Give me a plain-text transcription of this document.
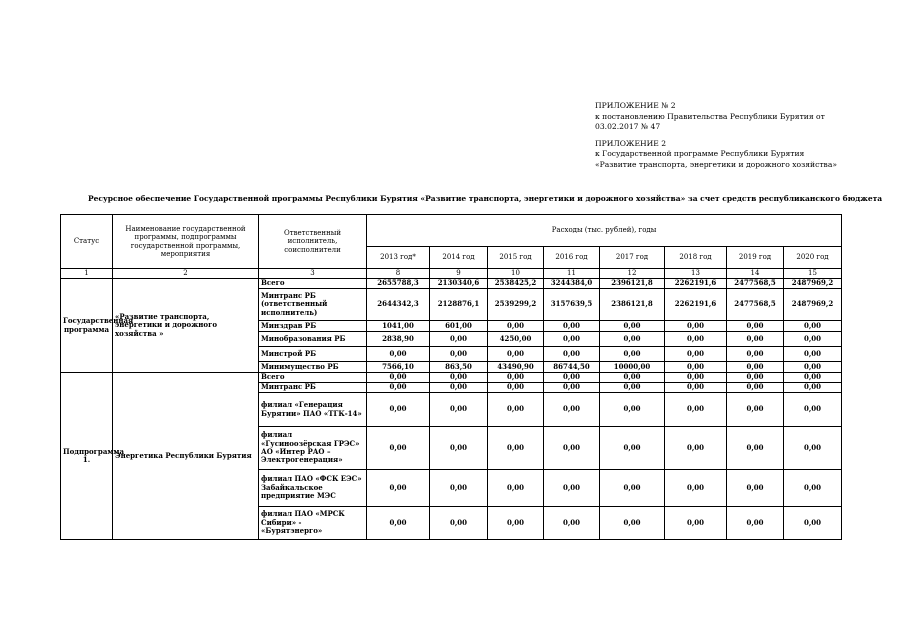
ПРИЛОЖЕНИЕ № 2

к постановлению Правительства Республики Бурятия от

03.02.2017 № 47

ПРИЛОЖЕНИЕ 2

к Государственной программе Республики Бурятия

«Развитие транспорта, энергетики и дорожного хозяйства»

Ресурсное обеспечение Государственной программы Республики Бурятия «Развитие транспорта, энергетики и дорожного хозяйства» за счет средств республиканского бюджета
Статус	Наименование государственной программы, подпрограммы государственной программы, мероприятия	Ответственный исполнитель, соисполнители	Расходы (тыс. рублей), годы							
			2013 год*	2014 год	2015 год	2016 год	2017 год	2018 год	2019 год	2020 год
1	2	3	8	9	10	11	12	13	14	15
Государственная программа	«Развитие транспорта, энергетики и дорожного хозяйства »	Всего	2655788,3	2130340,6	2538425,2	3244384,0	2396121,8	2262191,6	2477568,5	2487969,2
		Минтранс РБ (ответственный исполнитель)	2644342,3	2128876,1	2539299,2	3157639,5	2386121,8	2262191,6	2477568,5	2487969,2
		Минздрав РБ	1041,00	601,00	0,00	0,00	0,00	0,00	0,00	0,00
		Минобразования РБ	2838,90	0,00	4250,00	0,00	0,00	0,00	0,00	0,00
		Минстрой РБ	0,00	0,00	0,00	0,00	0,00	0,00	0,00	0,00
		Минимущество РБ	7566,10	863,50	43490,90	86744,50	10000,00	0,00	0,00	0,00
Подпрограмма 1.	Энергетика Республики Бурятия	Всего	0,00	0,00	0,00	0,00	0,00	0,00	0,00	0,00
		Минтранс РБ	0,00	0,00	0,00	0,00	0,00	0,00	0,00	0,00
		филиал «Генерация Бурятии» ПАО «ТГК-14»	0,00	0,00	0,00	0,00	0,00	0,00	0,00	0,00
		филиал «Гусиноозёрская ГРЭС» АО «Интер РАО – Электрогенерация»	0,00	0,00	0,00	0,00	0,00	0,00	0,00	0,00
		филиал ПАО «ФСК ЕЭС» Забайкальское предприятие МЭС	0,00	0,00	0,00	0,00	0,00	0,00	0,00	0,00
		филиал ПАО «МРСК Сибири» - «Бурятэнерго»	0,00	0,00	0,00	0,00	0,00	0,00	0,00	0,00
